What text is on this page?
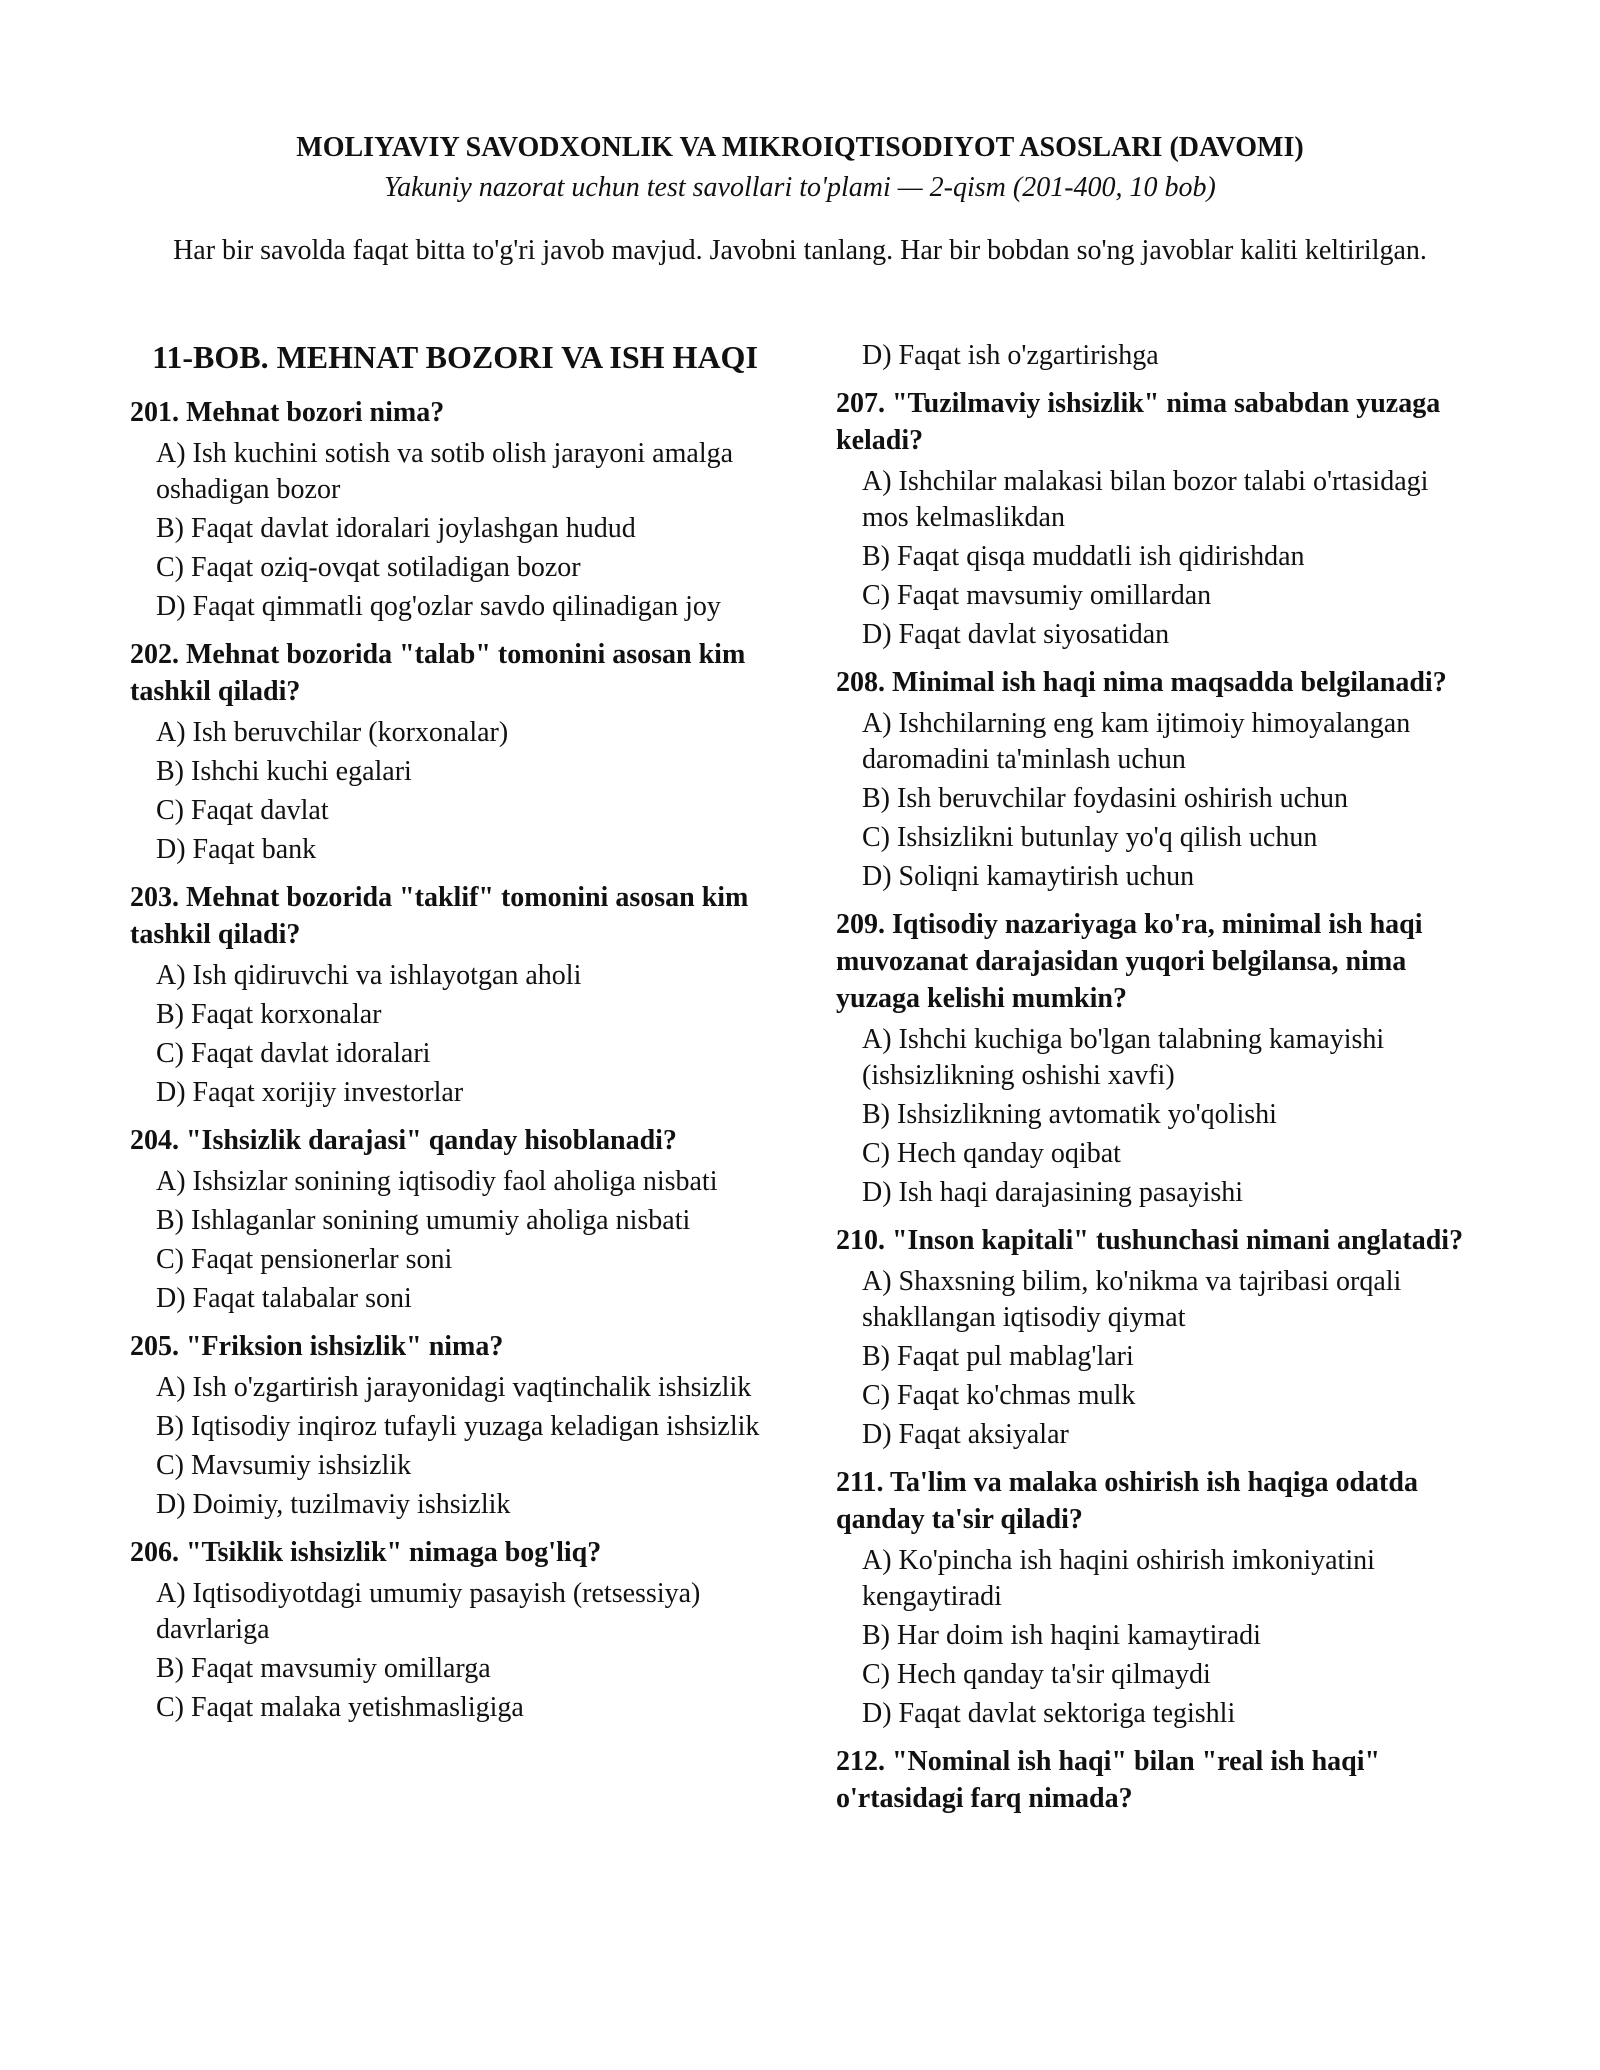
MOLIYAVIY SAVODXONLIK VA MIKROIQTISODIYOT ASOSLARI (DAVOMI)

Yakuniy nazorat uchun test savollari to'plami — 2-qism (201-400, 10 bob)

Har bir savolda faqat bitta to'g'ri javob mavjud. Javobni tanlang. Har bir bobdan so'ng javoblar kaliti keltirilgan.

11-BOB. MEHNAT BOZORI VA ISH HAQI

201. Mehnat bozori nima?

A) Ish kuchini sotish va sotib olish jarayoni amalga oshadigan bozor

B) Faqat davlat idoralari joylashgan hudud

C) Faqat oziq-ovqat sotiladigan bozor

D) Faqat qimmatli qog'ozlar savdo qilinadigan joy

202. Mehnat bozorida "talab" tomonini asosan kim tashkil qiladi?

A) Ish beruvchilar (korxonalar)

B) Ishchi kuchi egalari

C) Faqat davlat

D) Faqat bank

203. Mehnat bozorida "taklif" tomonini asosan kim tashkil qiladi?

A) Ish qidiruvchi va ishlayotgan aholi

B) Faqat korxonalar

C) Faqat davlat idoralari

D) Faqat xorijiy investorlar

204. "Ishsizlik darajasi" qanday hisoblanadi?

A) Ishsizlar sonining iqtisodiy faol aholiga nisbati

B) Ishlaganlar sonining umumiy aholiga nisbati

C) Faqat pensionerlar soni

D) Faqat talabalar soni

205. "Friksion ishsizlik" nima?

A) Ish o'zgartirish jarayonidagi vaqtinchalik ishsizlik

B) Iqtisodiy inqiroz tufayli yuzaga keladigan ishsizlik

C) Mavsumiy ishsizlik

D) Doimiy, tuzilmaviy ishsizlik

206. "Tsiklik ishsizlik" nimaga bog'liq?

A) Iqtisodiyotdagi umumiy pasayish (retsessiya) davrlariga

B) Faqat mavsumiy omillarga

C) Faqat malaka yetishmasligiga

D) Faqat ish o'zgartirishga

207. "Tuzilmaviy ishsizlik" nima sababdan yuzaga keladi?

A) Ishchilar malakasi bilan bozor talabi o'rtasidagi mos kelmaslikdan

B) Faqat qisqa muddatli ish qidirishdan

C) Faqat mavsumiy omillardan

D) Faqat davlat siyosatidan

208. Minimal ish haqi nima maqsadda belgilanadi?

A) Ishchilarning eng kam ijtimoiy himoyalangan daromadini ta'minlash uchun

B) Ish beruvchilar foydasini oshirish uchun

C) Ishsizlikni butunlay yo'q qilish uchun

D) Soliqni kamaytirish uchun

209. Iqtisodiy nazariyaga ko'ra, minimal ish haqi muvozanat darajasidan yuqori belgilansa, nima yuzaga kelishi mumkin?

A) Ishchi kuchiga bo'lgan talabning kamayishi (ishsizlikning oshishi xavfi)

B) Ishsizlikning avtomatik yo'qolishi

C) Hech qanday oqibat

D) Ish haqi darajasining pasayishi

210. "Inson kapitali" tushunchasi nimani anglatadi?

A) Shaxsning bilim, ko'nikma va tajribasi orqali shakllangan iqtisodiy qiymat

B) Faqat pul mablag'lari

C) Faqat ko'chmas mulk

D) Faqat aksiyalar

211. Ta'lim va malaka oshirish ish haqiga odatda qanday ta'sir qiladi?

A) Ko'pincha ish haqini oshirish imkoniyatini kengaytiradi

B) Har doim ish haqini kamaytiradi

C) Hech qanday ta'sir qilmaydi

D) Faqat davlat sektoriga tegishli

212. "Nominal ish haqi" bilan "real ish haqi" o'rtasidagi farq nimada?
